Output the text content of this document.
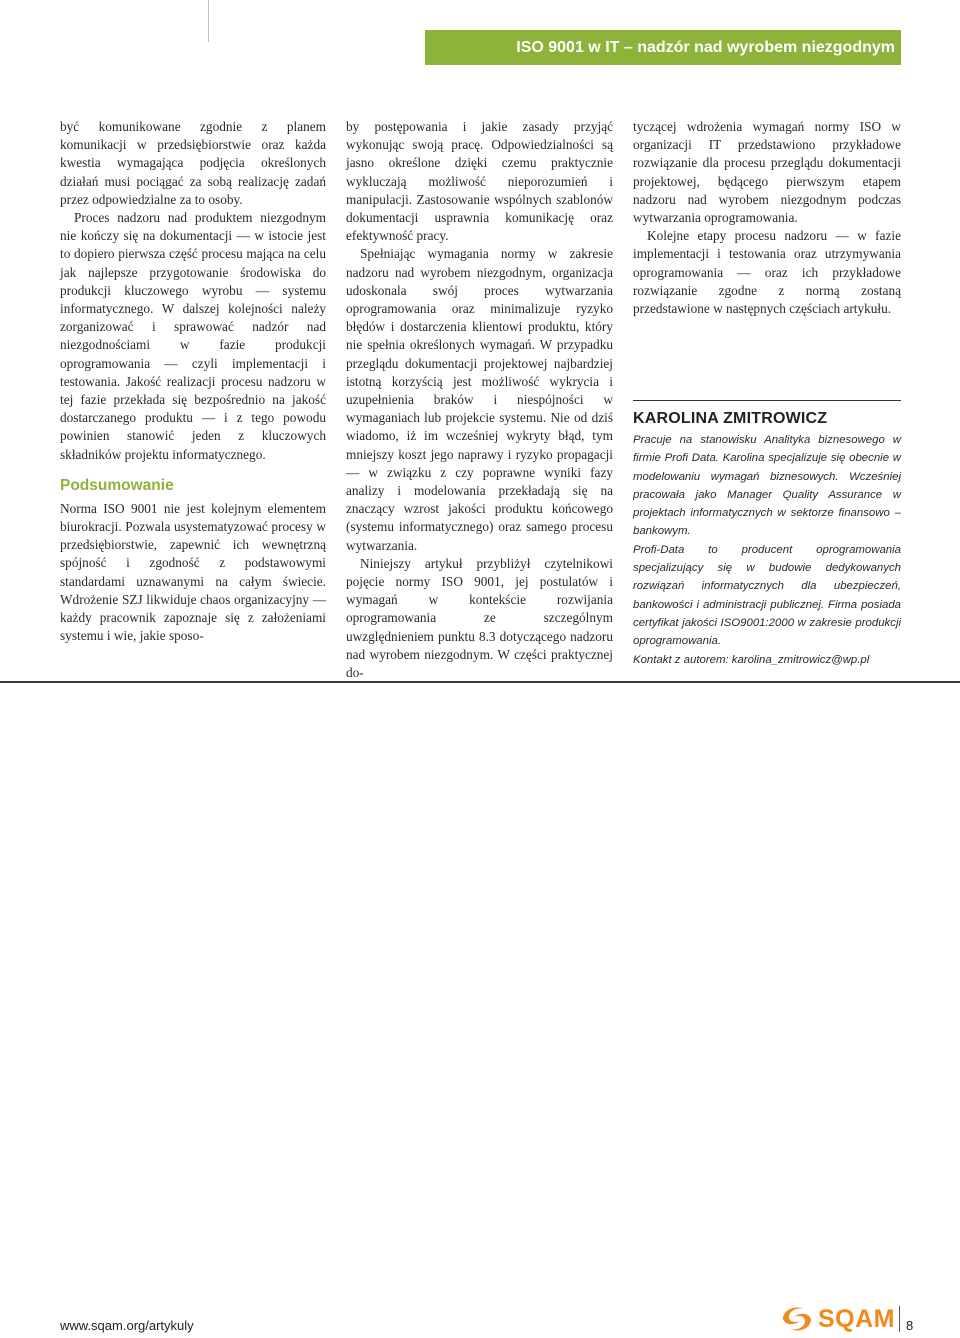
ISO 9001 w IT – nadzór nad wyrobem niezgodnym

być komunikowane zgodnie z planem komunikacji w przedsiębiorstwie oraz każda kwestia wymagająca podjęcia określonych działań musi pociągać za sobą realizację zadań przez odpowiedzialne za to osoby.

Proces nadzoru nad produktem niezgodnym nie kończy się na dokumentacji — w istocie jest to dopiero pierwsza część procesu mająca na celu jak najlepsze przygotowanie środowiska do produkcji kluczowego wyrobu — systemu informatycznego. W dalszej kolejności należy zorganizować i sprawować nadzór nad niezgodnościami w fazie produkcji oprogramowania — czyli implementacji i testowania. Jakość realizacji procesu nadzoru w tej fazie przekłada się bezpośrednio na jakość dostarczanego produktu — i z tego powodu powinien stanowić jeden z kluczowych składników projektu informatycznego.

Podsumowanie

Norma ISO 9001 nie jest kolejnym elementem biurokracji. Pozwala usystematyzować procesy w przedsiębiorstwie, zapewnić ich wewnętrzną spójność i zgodność z podstawowymi standardami uznawanymi na całym świecie. Wdrożenie SZJ likwiduje chaos organizacyjny — każdy pracownik zapoznaje się z założeniami systemu i wie, jakie sposo-

by postępowania i jakie zasady przyjąć wykonując swoją pracę. Odpowiedzialności są jasno określone dzięki czemu praktycznie wykluczają możliwość nieporozumień i manipulacji. Zastosowanie wspólnych szablonów dokumentacji usprawnia komunikację oraz efektywność pracy.

Spełniając wymagania normy w zakresie nadzoru nad wyrobem niezgodnym, organizacja udoskonala swój proces wytwarzania oprogramowania oraz minimalizuje ryzyko błędów i dostarczenia klientowi produktu, który nie spełnia określonych wymagań. W przypadku przeglądu dokumentacji projektowej najbardziej istotną korzyścią jest możliwość wykrycia i uzupełnienia braków i niespójności w wymaganiach lub projekcie systemu. Nie od dziś wiadomo, iż im wcześniej wykryty błąd, tym mniejszy koszt jego naprawy i ryzyko propagacji — w związku z czy poprawne wyniki fazy analizy i modelowania przekładają się na znaczący wzrost jakości produktu końcowego (systemu informatycznego) oraz samego procesu wytwarzania.

Niniejszy artykuł przybliżył czytelnikowi pojęcie normy ISO 9001, jej postulatów i wymagań w kontekście rozwijania oprogramowania ze szczególnym uwzględnieniem punktu 8.3 dotyczącego nadzoru nad wyrobem niezgodnym. W części praktycznej do-

tyczącej wdrożenia wymagań normy ISO w organizacji IT przedstawiono przykładowe rozwiązanie dla procesu przeglądu dokumentacji projektowej, będącego pierwszym etapem nadzoru nad wyrobem niezgodnym podczas wytwarzania oprogramowania.

Kolejne etapy procesu nadzoru — w fazie implementacji i testowania oraz utrzymywania oprogramowania — oraz ich przykładowe rozwiązanie zgodne z normą zostaną przedstawione w następnych częściach artykułu.

KAROLINA ZMITROWICZ

Pracuje na stanowisku Analityka biznesowego w firmie Profi Data. Karolina specjalizuje się obecnie w modelowaniu wymagań biznesowych. Wcześniej pracowała jako Manager Quality Assurance w projektach informatycznych w sektorze finansowo – bankowym.

Profi-Data to producent oprogramowania specjalizujący się w budowie dedykowanych rozwiązań informatycznych dla ubezpieczeń, bankowości i administracji publicznej. Firma posiada certyfikat jakości ISO9001:2000 w zakresie produkcji oprogramowania.

Kontakt z autorem: karolina_zmitrowicz@wp.pl

www.sqam.org/artykuly	SQAM 8
